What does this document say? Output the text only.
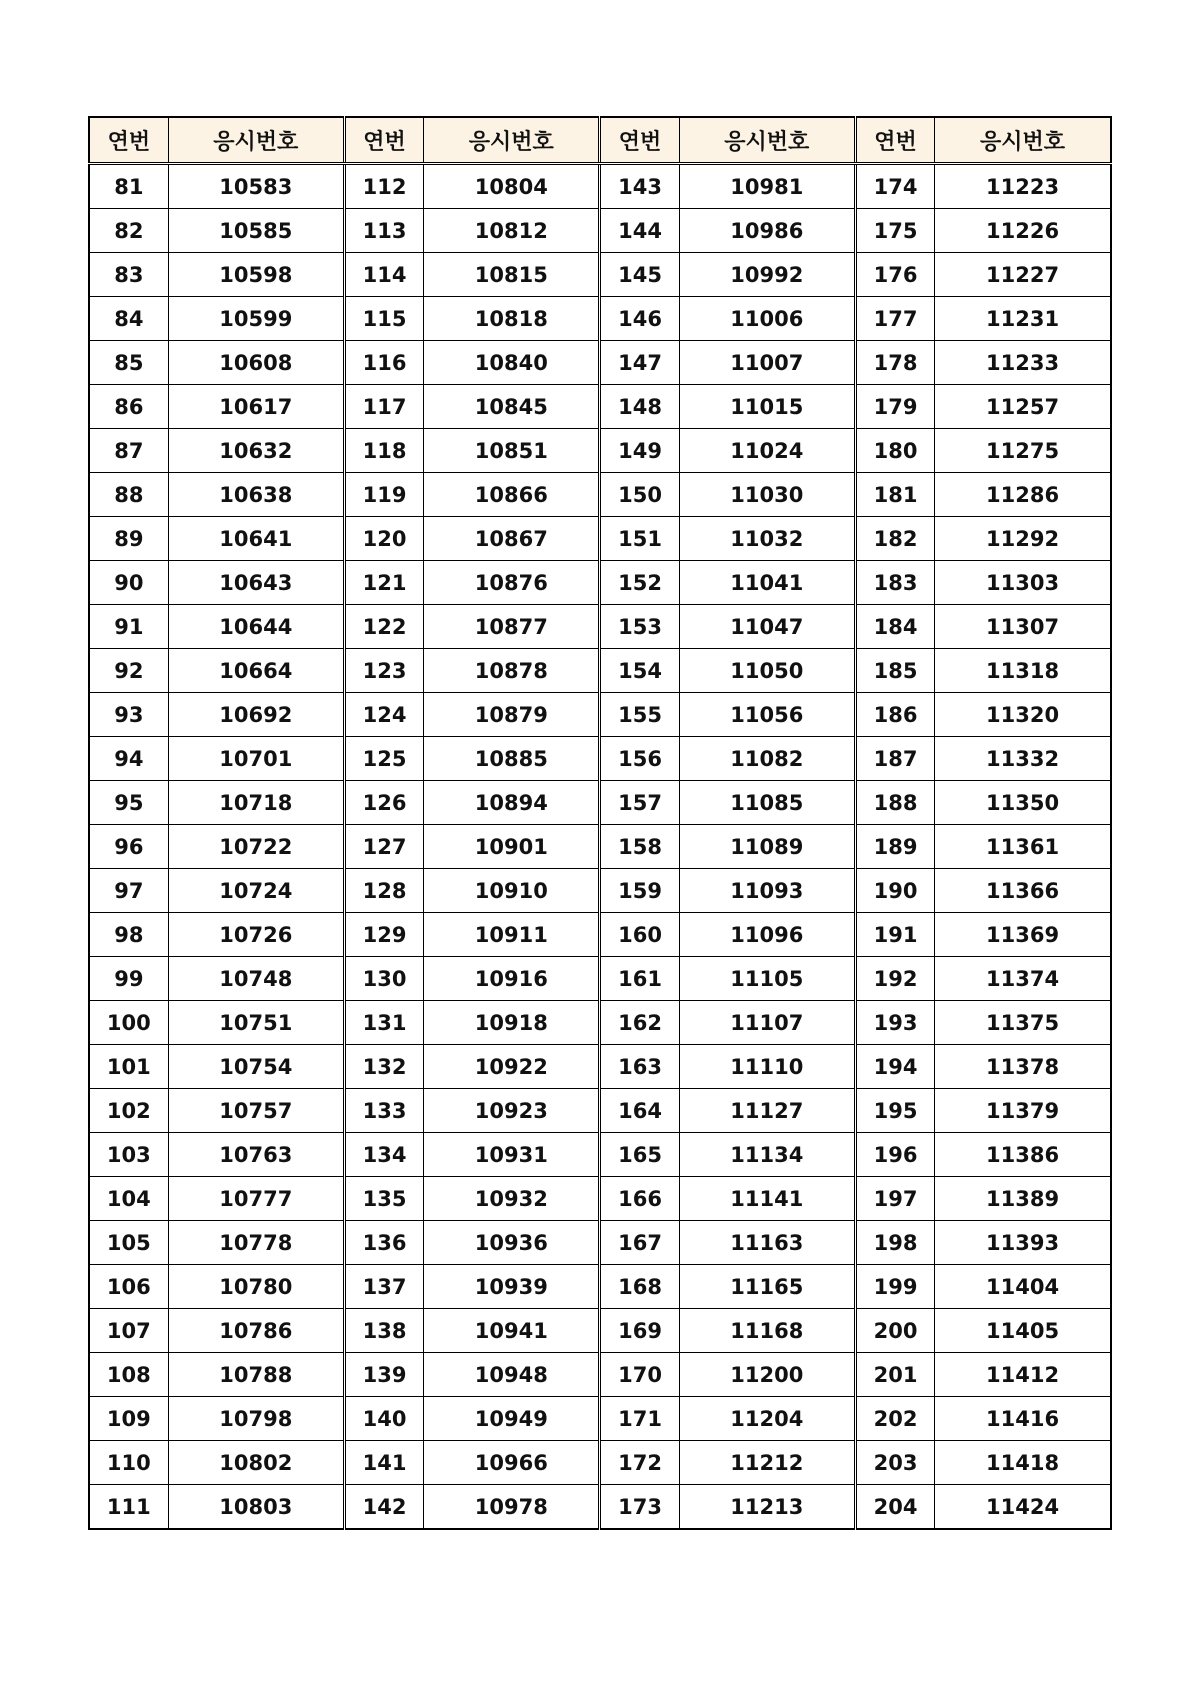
연번	응시번호	연번	응시번호	연번	응시번호	연번	응시번호
81	10583	112	10804	143	10981	174	11223
82	10585	113	10812	144	10986	175	11226
83	10598	114	10815	145	10992	176	11227
84	10599	115	10818	146	11006	177	11231
85	10608	116	10840	147	11007	178	11233
86	10617	117	10845	148	11015	179	11257
87	10632	118	10851	149	11024	180	11275
88	10638	119	10866	150	11030	181	11286
89	10641	120	10867	151	11032	182	11292
90	10643	121	10876	152	11041	183	11303
91	10644	122	10877	153	11047	184	11307
92	10664	123	10878	154	11050	185	11318
93	10692	124	10879	155	11056	186	11320
94	10701	125	10885	156	11082	187	11332
95	10718	126	10894	157	11085	188	11350
96	10722	127	10901	158	11089	189	11361
97	10724	128	10910	159	11093	190	11366
98	10726	129	10911	160	11096	191	11369
99	10748	130	10916	161	11105	192	11374
100	10751	131	10918	162	11107	193	11375
101	10754	132	10922	163	11110	194	11378
102	10757	133	10923	164	11127	195	11379
103	10763	134	10931	165	11134	196	11386
104	10777	135	10932	166	11141	197	11389
105	10778	136	10936	167	11163	198	11393
106	10780	137	10939	168	11165	199	11404
107	10786	138	10941	169	11168	200	11405
108	10788	139	10948	170	11200	201	11412
109	10798	140	10949	171	11204	202	11416
110	10802	141	10966	172	11212	203	11418
111	10803	142	10978	173	11213	204	11424
